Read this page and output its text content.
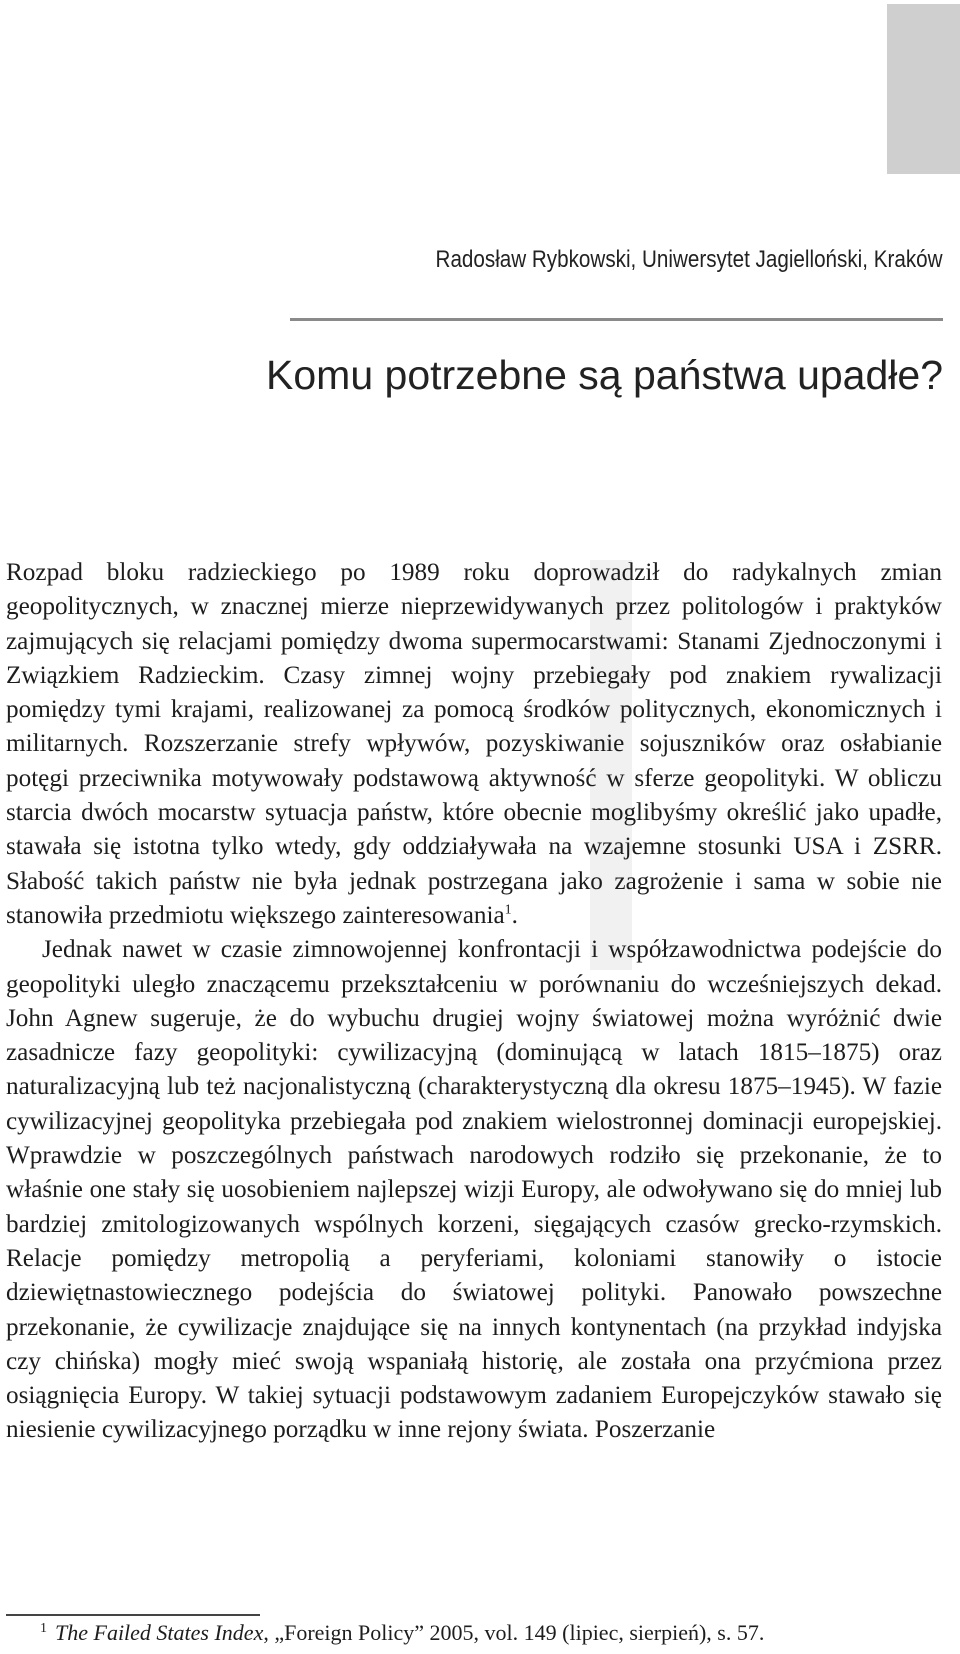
Radosław Rybkowski, Uniwersytet Jagielloński, Kraków
Komu potrzebne są państwa upadłe?

Rozpad bloku radzieckiego po 1989 roku doprowadził do radykalnych zmian geopolitycznych, w znacznej mierze nieprzewidywanych przez politologów i praktyków zajmujących się relacjami pomiędzy dwoma supermocarstwami: Stanami Zjednoczonymi i Związkiem Radzieckim. Czasy zimnej wojny przebiegały pod znakiem rywalizacji pomiędzy tymi krajami, realizowanej za pomocą środków politycznych, ekonomicznych i militarnych. Rozszerzanie strefy wpływów, pozyskiwanie sojuszników oraz osłabianie potęgi przeciwnika motywowały podstawową aktywność w sferze geopolityki. W obliczu starcia dwóch mocarstw sytuacja państw, które obecnie moglibyśmy określić jako upadłe, stawała się istotna tylko wtedy, gdy oddziaływała na wzajemne stosunki USA i ZSRR. Słabość takich państw nie była jednak postrzegana jako zagrożenie i sama w sobie nie stanowiła przedmiotu większego zainteresowania$^1$.

Jednak nawet w czasie zimnowojennej konfrontacji i współzawodnictwa podejście do geopolityki uległo znaczącemu przekształceniu w porównaniu do wcześniejszych dekad. John Agnew sugeruje, że do wybuchu drugiej wojny światowej można wyróżnić dwie zasadnicze fazy geopolityki: cywilizacyjną (dominującą w latach 1815–1875) oraz naturalizacyjną lub też nacjonalistyczną (charakterystyczną dla okresu 1875–1945). W fazie cywilizacyjnej geopolityka przebiegała pod znakiem wielostronnej dominacji europejskiej. Wprawdzie w poszczególnych państwach narodowych rodziło się przekonanie, że to właśnie one stały się uosobieniem najlepszej wizji Europy, ale odwoływano się do mniej lub bardziej zmitologizowanych wspólnych korzeni, sięgających czasów grecko-rzymskich. Relacje pomiędzy metropolią a peryferiami, koloniami stanowiły o istocie dziewiętnastowiecznego podejścia do światowej polityki. Panowało powszechne przekonanie, że cywilizacje znajdujące się na innych kontynentach (na przykład indyjska czy chińska) mogły mieć swoją wspaniałą historię, ale została ona przyćmiona przez osiągnięcia Europy. W takiej sytuacji podstawowym zadaniem Europejczyków stawało się niesienie cywilizacyjnego porządku w inne rejony świata. Poszerzanie

$^1$ The Failed States Index, „Foreign Policy” 2005, vol. 149 (lipiec, sierpień), s. 57.
